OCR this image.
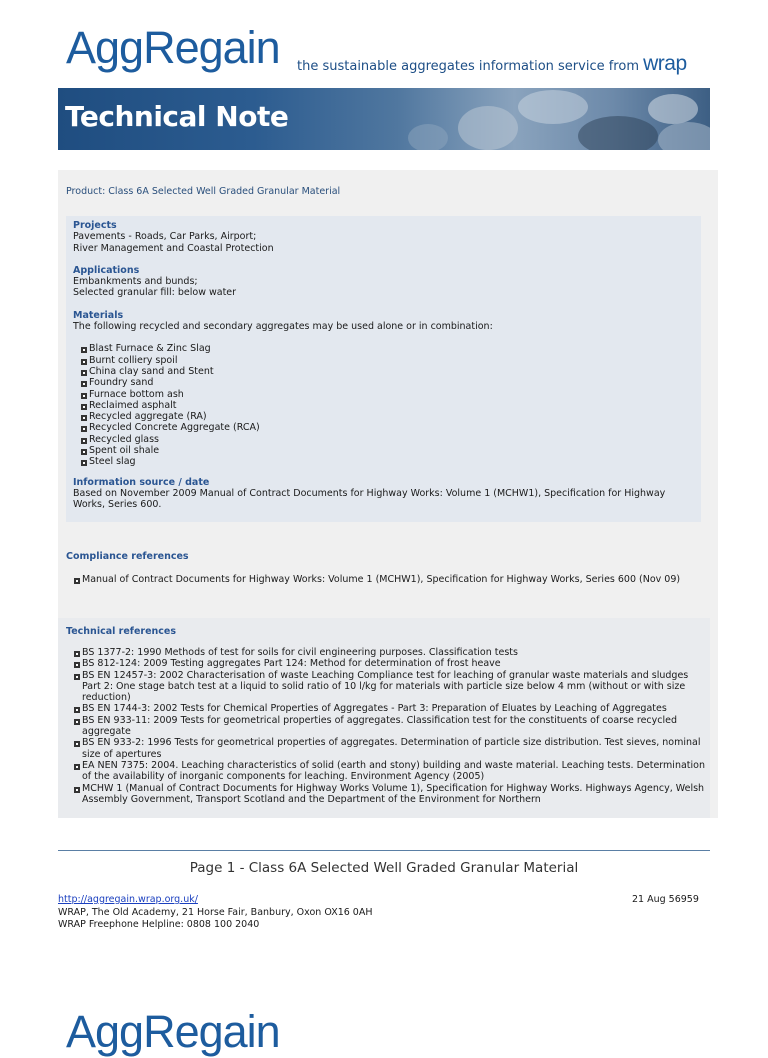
AggRegain the sustainable aggregates information service from wrap
Technical Note
Product: Class 6A Selected Well Graded Granular Material
Projects
Pavements - Roads, Car Parks, Airport;
River Management and Coastal Protection
Applications
Embankments and bunds;
Selected granular fill: below water
Materials
The following recycled and secondary aggregates may be used alone or in combination:
Blast Furnace & Zinc Slag
Burnt colliery spoil
China clay sand and Stent
Foundry sand
Furnace bottom ash
Reclaimed asphalt
Recycled aggregate (RA)
Recycled Concrete Aggregate (RCA)
Recycled glass
Spent oil shale
Steel slag
Information source / date
Based on November 2009 Manual of Contract Documents for Highway Works: Volume 1 (MCHW1), Specification for Highway Works, Series 600.
Compliance references
Manual of Contract Documents for Highway Works: Volume 1 (MCHW1), Specification for Highway Works, Series 600 (Nov 09)
Technical references
BS 1377-2: 1990 Methods of test for soils for civil engineering purposes. Classification tests
BS 812-124: 2009 Testing aggregates Part 124: Method for determination of frost heave
BS EN 12457-3: 2002 Characterisation of waste Leaching Compliance test for leaching of granular waste materials and sludges Part 2: One stage batch test at a liquid to solid ratio of 10 l/kg for materials with particle size below 4 mm (without or with size reduction)
BS EN 1744-3: 2002 Tests for Chemical Properties of Aggregates - Part 3: Preparation of Eluates by Leaching of Aggregates
BS EN 933-11: 2009 Tests for geometrical properties of aggregates. Classification test for the constituents of coarse recycled aggregate
BS EN 933-2: 1996 Tests for geometrical properties of aggregates. Determination of particle size distribution. Test sieves, nominal size of apertures
EA NEN 7375: 2004. Leaching characteristics of solid (earth and stony) building and waste material. Leaching tests. Determination of the availability of inorganic components for leaching. Environment Agency (2005)
MCHW 1 (Manual of Contract Documents for Highway Works Volume 1), Specification for Highway Works. Highways Agency, Welsh Assembly Government, Transport Scotland and the Department of the Environment for Northern
Page 1 - Class 6A Selected Well Graded Granular Material
http://aggregain.wrap.org.uk/
WRAP, The Old Academy, 21 Horse Fair, Banbury, Oxon OX16 0AH
WRAP Freephone Helpline: 0808 100 2040
21 Aug 56959
AggRegain
